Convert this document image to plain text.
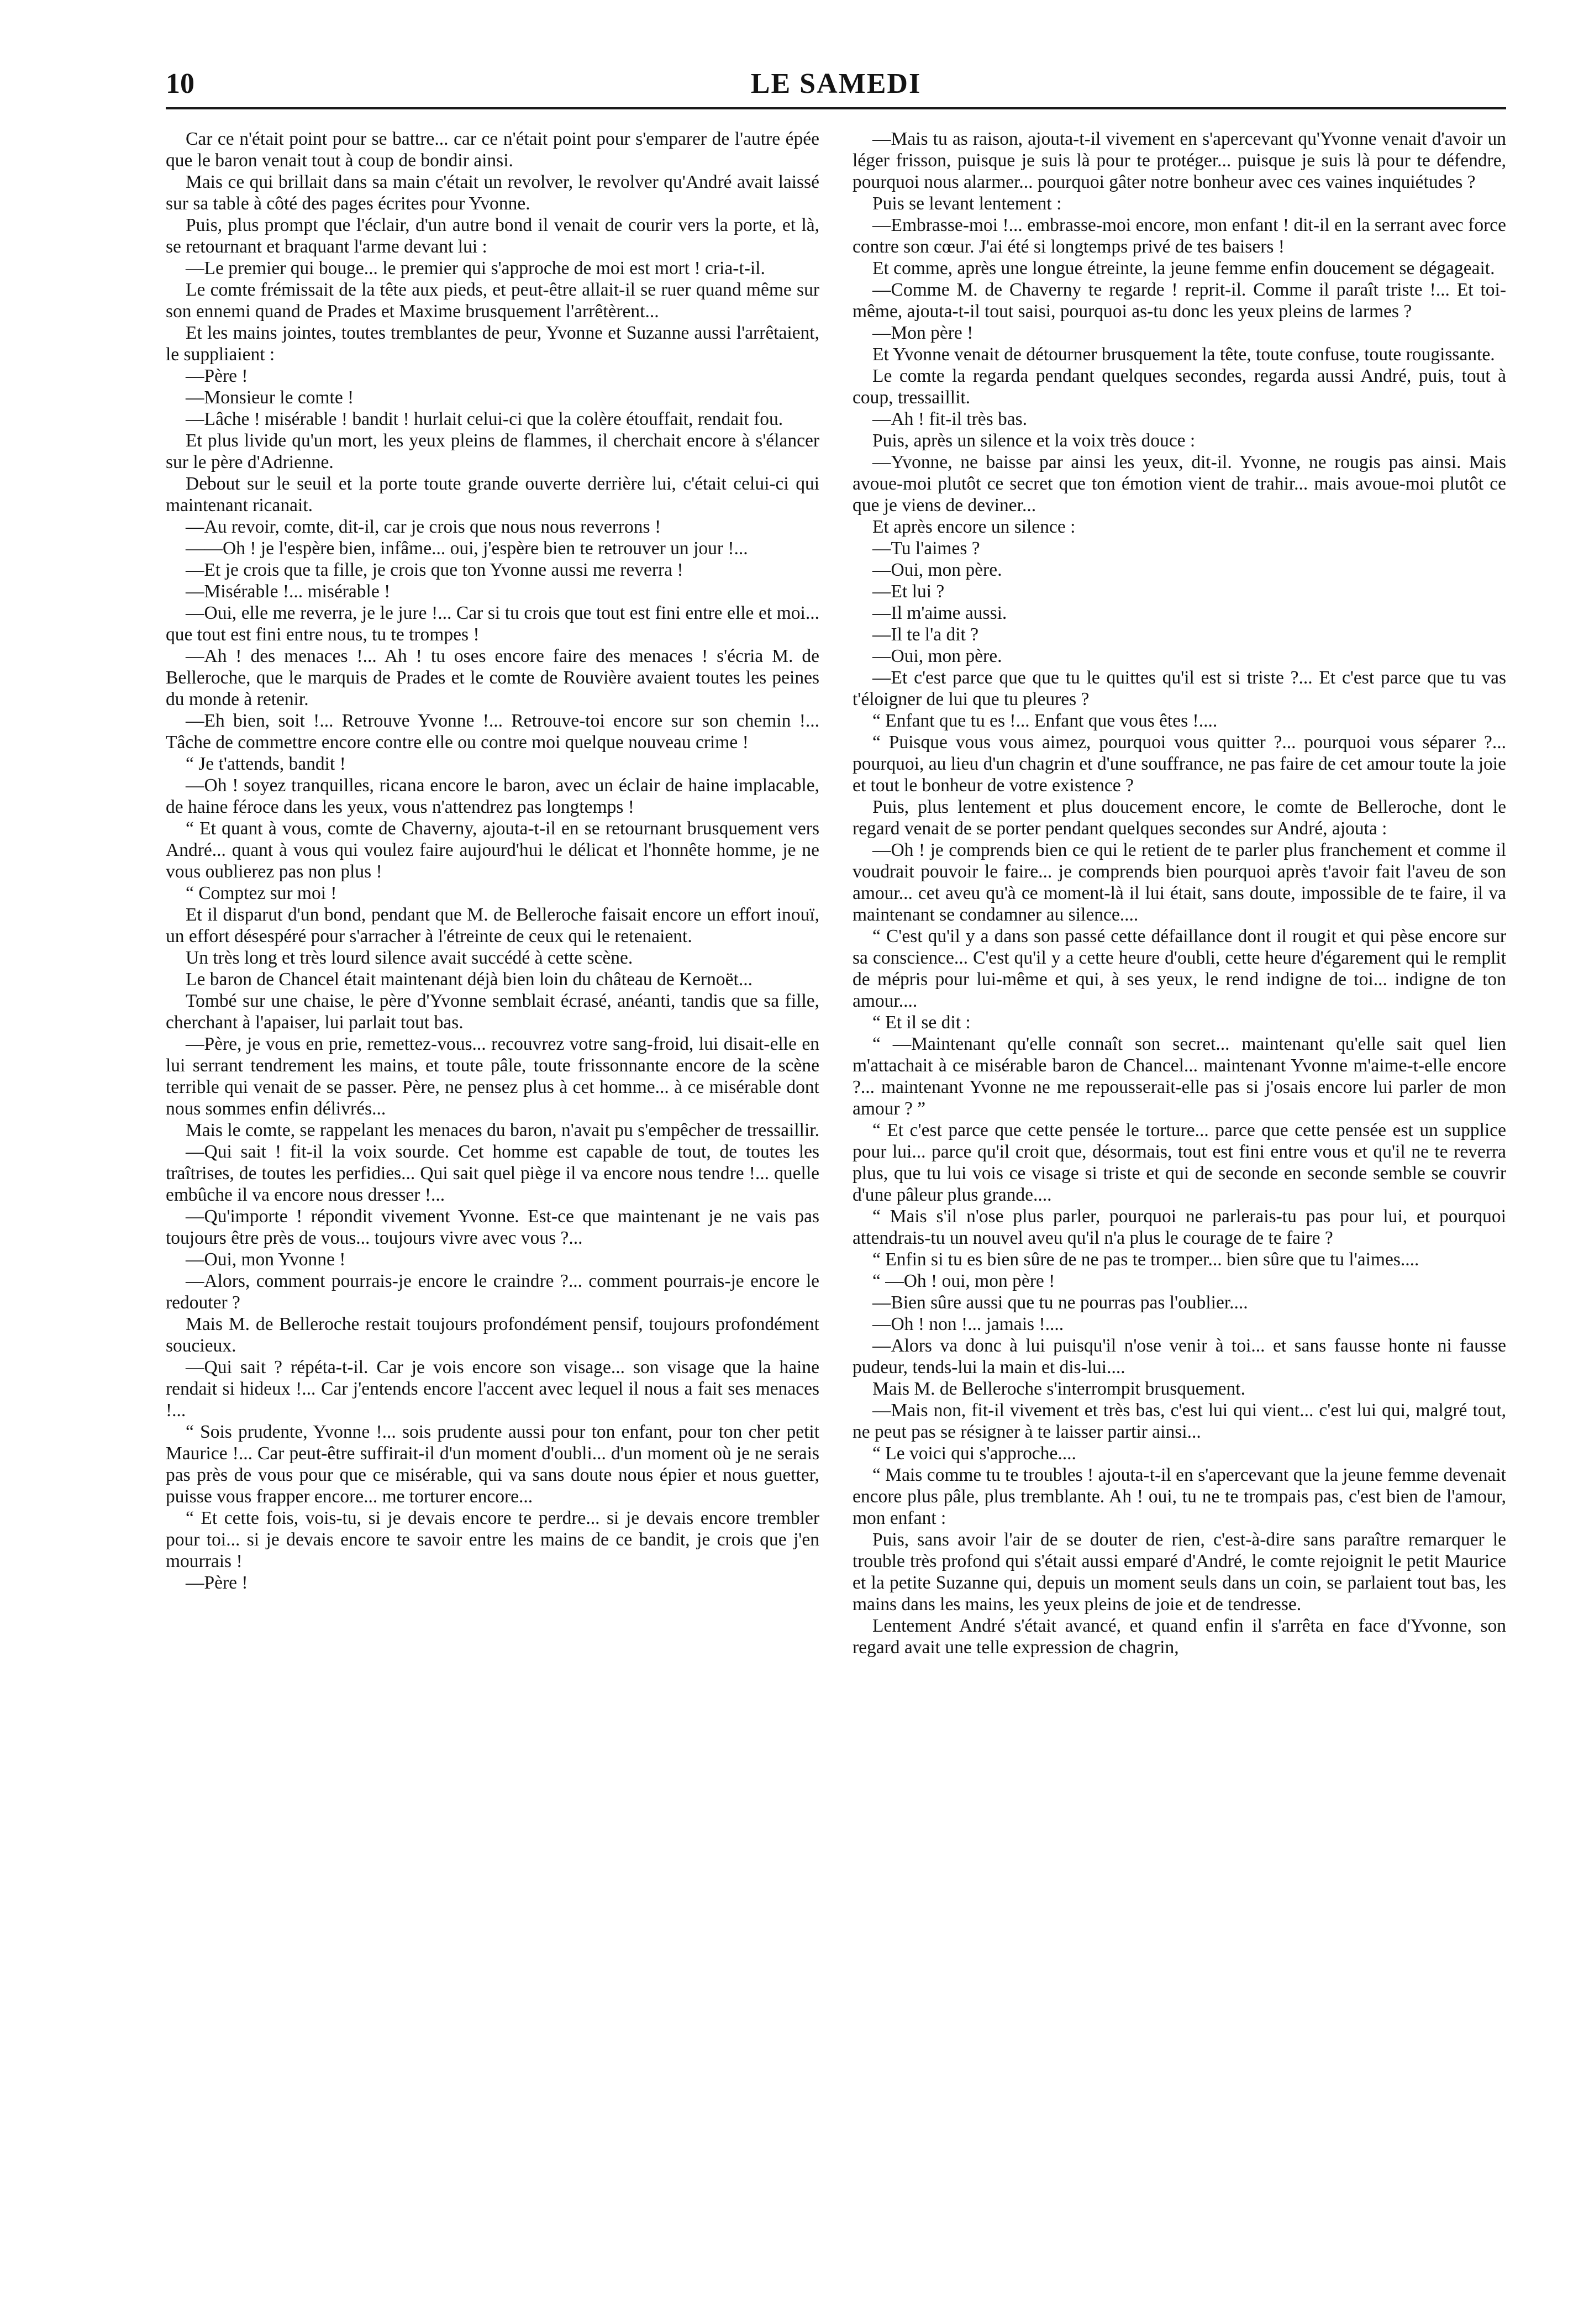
10	LE SAMEDI

Car ce n'était point pour se battre... car ce n'était point pour s'emparer de l'autre épée que le baron venait tout à coup de bondir ainsi.

Mais ce qui brillait dans sa main c'était un revolver, le revolver qu'André avait laissé sur sa table à côté des pages écrites pour Yvonne.

Puis, plus prompt que l'éclair, d'un autre bond il venait de courir vers la porte, et là, se retournant et braquant l'arme devant lui :

—Le premier qui bouge... le premier qui s'approche de moi est mort ! cria-t-il.

Le comte frémissait de la tête aux pieds, et peut-être allait-il se ruer quand même sur son ennemi quand de Prades et Maxime brusquement l'arrêtèrent...

Et les mains jointes, toutes tremblantes de peur, Yvonne et Suzanne aussi l'arrêtaient, le suppliaient :

—Père !

—Monsieur le comte !

—Lâche ! misérable ! bandit ! hurlait celui-ci que la colère étouffait, rendait fou.

Et plus livide qu'un mort, les yeux pleins de flammes, il cherchait encore à s'élancer sur le père d'Adrienne.

Debout sur le seuil et la porte toute grande ouverte derrière lui, c'était celui-ci qui maintenant ricanait.

—Au revoir, comte, dit-il, car je crois que nous nous reverrons !

——Oh ! je l'espère bien, infâme... oui, j'espère bien te retrouver un jour !...

—Et je crois que ta fille, je crois que ton Yvonne aussi me reverra !

—Misérable !... misérable !

—Oui, elle me reverra, je le jure !... Car si tu crois que tout est fini entre elle et moi... que tout est fini entre nous, tu te trompes !

—Ah ! des menaces !... Ah ! tu oses encore faire des menaces ! s'écria M. de Belleroche, que le marquis de Prades et le comte de Rouvière avaient toutes les peines du monde à retenir.

—Eh bien, soit !... Retrouve Yvonne !... Retrouve-toi encore sur son chemin !... Tâche de commettre encore contre elle ou contre moi quelque nouveau crime !

“ Je t'attends, bandit !

—Oh ! soyez tranquilles, ricana encore le baron, avec un éclair de haine implacable, de haine féroce dans les yeux, vous n'attendrez pas longtemps !

“ Et quant à vous, comte de Chaverny, ajouta-t-il en se retournant brusquement vers André... quant à vous qui voulez faire aujourd'hui le délicat et l'honnête homme, je ne vous oublierez pas non plus !

“ Comptez sur moi !

Et il disparut d'un bond, pendant que M. de Belleroche faisait encore un effort inouï, un effort désespéré pour s'arracher à l'étreinte de ceux qui le retenaient.

Un très long et très lourd silence avait succédé à cette scène.

Le baron de Chancel était maintenant déjà bien loin du château de Kernoët...

Tombé sur une chaise, le père d'Yvonne semblait écrasé, anéanti, tandis que sa fille, cherchant à l'apaiser, lui parlait tout bas.

—Père, je vous en prie, remettez-vous... recouvrez votre sang-froid, lui disait-elle en lui serrant tendrement les mains, et toute pâle, toute frissonnante encore de la scène terrible qui venait de se passer. Père, ne pensez plus à cet homme... à ce misérable dont nous sommes enfin délivrés...

Mais le comte, se rappelant les menaces du baron, n'avait pu s'empêcher de tressaillir.

—Qui sait ! fit-il la voix sourde. Cet homme est capable de tout, de toutes les traîtrises, de toutes les perfidies... Qui sait quel piège il va encore nous tendre !... quelle embûche il va encore nous dresser !...

—Qu'importe ! répondit vivement Yvonne. Est-ce que maintenant je ne vais pas toujours être près de vous... toujours vivre avec vous ?...

—Oui, mon Yvonne !

—Alors, comment pourrais-je encore le craindre ?... comment pourrais-je encore le redouter ?

Mais M. de Belleroche restait toujours profondément pensif, toujours profondément soucieux.

—Qui sait ? répéta-t-il. Car je vois encore son visage... son visage que la haine rendait si hideux !... Car j'entends encore l'accent avec lequel il nous a fait ses menaces !...

“ Sois prudente, Yvonne !... sois prudente aussi pour ton enfant, pour ton cher petit Maurice !... Car peut-être suffirait-il d'un moment d'oubli... d'un moment où je ne serais pas près de vous pour que ce misérable, qui va sans doute nous épier et nous guetter, puisse vous frapper encore... me torturer encore...

“ Et cette fois, vois-tu, si je devais encore te perdre... si je devais encore trembler pour toi... si je devais encore te savoir entre les mains de ce bandit, je crois que j'en mourrais !

—Père !

—Mais tu as raison, ajouta-t-il vivement en s'apercevant qu'Yvonne venait d'avoir un léger frisson, puisque je suis là pour te protéger... puisque je suis là pour te défendre, pourquoi nous alarmer... pourquoi gâter notre bonheur avec ces vaines inquiétudes ?

Puis se levant lentement :

—Embrasse-moi !... embrasse-moi encore, mon enfant ! dit-il en la serrant avec force contre son cœur. J'ai été si longtemps privé de tes baisers !

Et comme, après une longue étreinte, la jeune femme enfin doucement se dégageait.

—Comme M. de Chaverny te regarde ! reprit-il. Comme il paraît triste !... Et toi-même, ajouta-t-il tout saisi, pourquoi as-tu donc les yeux pleins de larmes ?

—Mon père !

Et Yvonne venait de détourner brusquement la tête, toute confuse, toute rougissante.

Le comte la regarda pendant quelques secondes, regarda aussi André, puis, tout à coup, tressaillit.

—Ah ! fit-il très bas.

Puis, après un silence et la voix très douce :

—Yvonne, ne baisse par ainsi les yeux, dit-il. Yvonne, ne rougis pas ainsi. Mais avoue-moi plutôt ce secret que ton émotion vient de trahir... mais avoue-moi plutôt ce que je viens de deviner...

Et après encore un silence :

—Tu l'aimes ?

—Oui, mon père.

—Et lui ?

—Il m'aime aussi.

—Il te l'a dit ?

—Oui, mon père.

—Et c'est parce que que tu le quittes qu'il est si triste ?... Et c'est parce que tu vas t'éloigner de lui que tu pleures ?

“ Enfant que tu es !... Enfant que vous êtes !....

“ Puisque vous vous aimez, pourquoi vous quitter ?... pourquoi vous séparer ?... pourquoi, au lieu d'un chagrin et d'une souffrance, ne pas faire de cet amour toute la joie et tout le bonheur de votre existence ?

Puis, plus lentement et plus doucement encore, le comte de Belleroche, dont le regard venait de se porter pendant quelques secondes sur André, ajouta :

—Oh ! je comprends bien ce qui le retient de te parler plus franchement et comme il voudrait pouvoir le faire... je comprends bien pourquoi après t'avoir fait l'aveu de son amour... cet aveu qu'à ce moment-là il lui était, sans doute, impossible de te faire, il va maintenant se condamner au silence....

“ C'est qu'il y a dans son passé cette défaillance dont il rougit et qui pèse encore sur sa conscience... C'est qu'il y a cette heure d'oubli, cette heure d'égarement qui le remplit de mépris pour lui-même et qui, à ses yeux, le rend indigne de toi... indigne de ton amour....

“ Et il se dit :

“ —Maintenant qu'elle connaît son secret... maintenant qu'elle sait quel lien m'attachait à ce misérable baron de Chancel... maintenant Yvonne m'aime-t-elle encore ?... maintenant Yvonne ne me repousserait-elle pas si j'osais encore lui parler de mon amour ? ”

“ Et c'est parce que cette pensée le torture... parce que cette pensée est un supplice pour lui... parce qu'il croit que, désormais, tout est fini entre vous et qu'il ne te reverra plus, que tu lui vois ce visage si triste et qui de seconde en seconde semble se couvrir d'une pâleur plus grande....

“ Mais s'il n'ose plus parler, pourquoi ne parlerais-tu pas pour lui, et pourquoi attendrais-tu un nouvel aveu qu'il n'a plus le courage de te faire ?

“ Enfin si tu es bien sûre de ne pas te tromper... bien sûre que tu l'aimes....

“ —Oh ! oui, mon père !

—Bien sûre aussi que tu ne pourras pas l'oublier....

—Oh ! non !... jamais !....

—Alors va donc à lui puisqu'il n'ose venir à toi... et sans fausse honte ni fausse pudeur, tends-lui la main et dis-lui....

Mais M. de Belleroche s'interrompit brusquement.

—Mais non, fit-il vivement et très bas, c'est lui qui vient... c'est lui qui, malgré tout, ne peut pas se résigner à te laisser partir ainsi...

“ Le voici qui s'approche....

“ Mais comme tu te troubles ! ajouta-t-il en s'apercevant que la jeune femme devenait encore plus pâle, plus tremblante. Ah ! oui, tu ne te trompais pas, c'est bien de l'amour, mon enfant :

Puis, sans avoir l'air de se douter de rien, c'est-à-dire sans paraître remarquer le trouble très profond qui s'était aussi emparé d'André, le comte rejoignit le petit Maurice et la petite Suzanne qui, depuis un moment seuls dans un coin, se parlaient tout bas, les mains dans les mains, les yeux pleins de joie et de tendresse.

Lentement André s'était avancé, et quand enfin il s'arrêta en face d'Yvonne, son regard avait une telle expression de chagrin,
